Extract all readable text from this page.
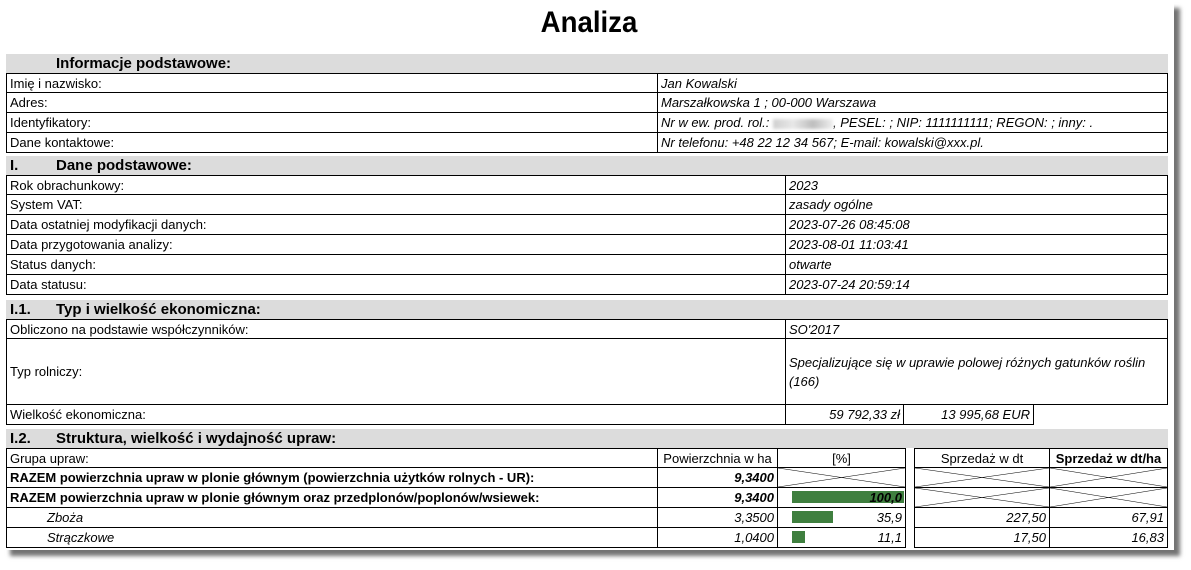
Analiza
Informacje podstawowe:
Imię i nazwisko:	Jan Kowalski
Adres:	Marszałkowska 1 ; 00-000 Warszawa
Identyfikatory:	Nr w ew. prod. rol.:	, PESEL: ; NIP: 1111111111; REGON: ; inny: .
Dane kontaktowe:	Nr telefonu: +48 22 12 34 567; E-mail: kowalski@xxx.pl.
I.	Dane podstawowe:
Rok obrachunkowy:	2023
System VAT:	zasady ogólne
Data ostatniej modyfikacji danych:	2023-07-26 08:45:08
Data przygotowania analizy:	2023-08-01 11:03:41
Status danych:	otwarte
Data statusu:	2023-07-24 20:59:14
I.1. Typ i wielkość ekonomiczna:
Obliczono na podstawie współczynników:	SO'2017
Typ rolniczy:
Specjalizujące się w uprawie polowej różnych gatunków roślin (166)
Wielkość ekonomiczna:	59 792,33 zł	13 995,68 EUR
I.2. Struktura, wielkość i wydajność upraw:
Grupa upraw:	Powierzchnia w ha	[%]	Sprzedaż w dt	Sprzedaż w dt/ha
RAZEM powierzchnia upraw w plonie głównym (powierzchnia użytków rolnych - UR):	9,3400
RAZEM powierzchnia upraw w plonie głównym oraz przedplonów/poplonów/wsiewek:	9,3400	100,0
Zboża	3,3500	35,9	227,50	67,91
Strączkowe	1,0400	11,1	17,50	16,83
